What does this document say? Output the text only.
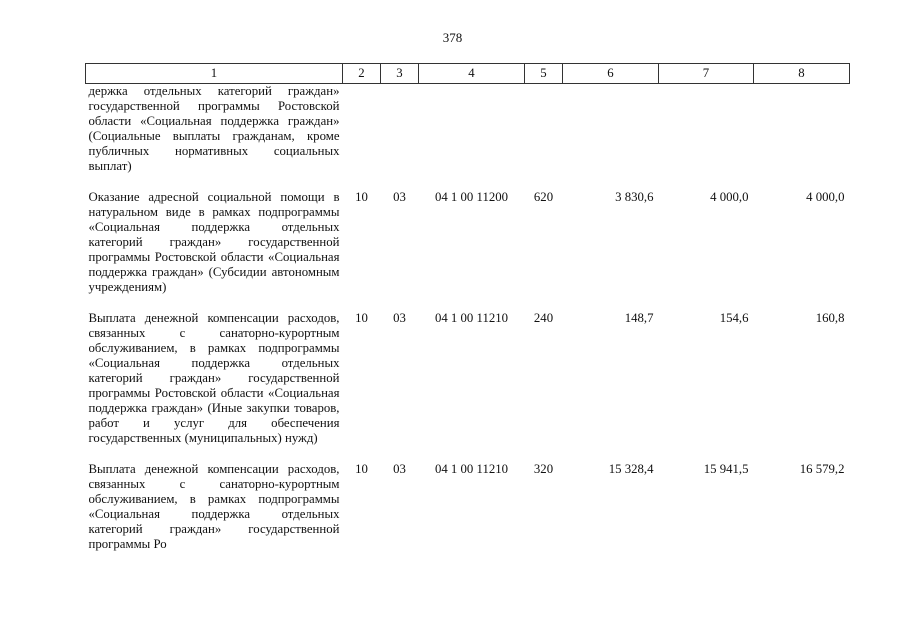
378
1	2	3	4	5	6	7	8
держка отдельных категорий граждан» государственной программы Ростовской области «Социальная поддержка граждан» (Социальные выплаты гражданам, кроме публичных нормативных социальных выплат)							
Оказание адресной социальной помощи в натуральном виде в рамках подпрограммы «Социальная поддержка отдельных категорий граждан» государственной программы Ростовской области «Социальная поддержка граждан» (Субсидии автономным учреждениям)	10	03	04 1 00 11200	620	3 830,6	4 000,0	4 000,0
Выплата денежной компенсации расходов, связанных с санаторно-курортным обслуживанием, в рамках подпрограммы «Социальная поддержка отдельных категорий граждан» государственной программы Ростовской области «Социальная поддержка граждан» (Иные закупки товаров, работ и услуг для обеспечения государственных (муниципальных) нужд)	10	03	04 1 00 11210	240	148,7	154,6	160,8
Выплата денежной компенсации расходов, связанных с санаторно-курортным обслуживанием, в рамках подпрограммы «Социальная поддержка отдельных категорий граждан» государственной программы Ро	10	03	04 1 00 11210	320	15 328,4	15 941,5	16 579,2
